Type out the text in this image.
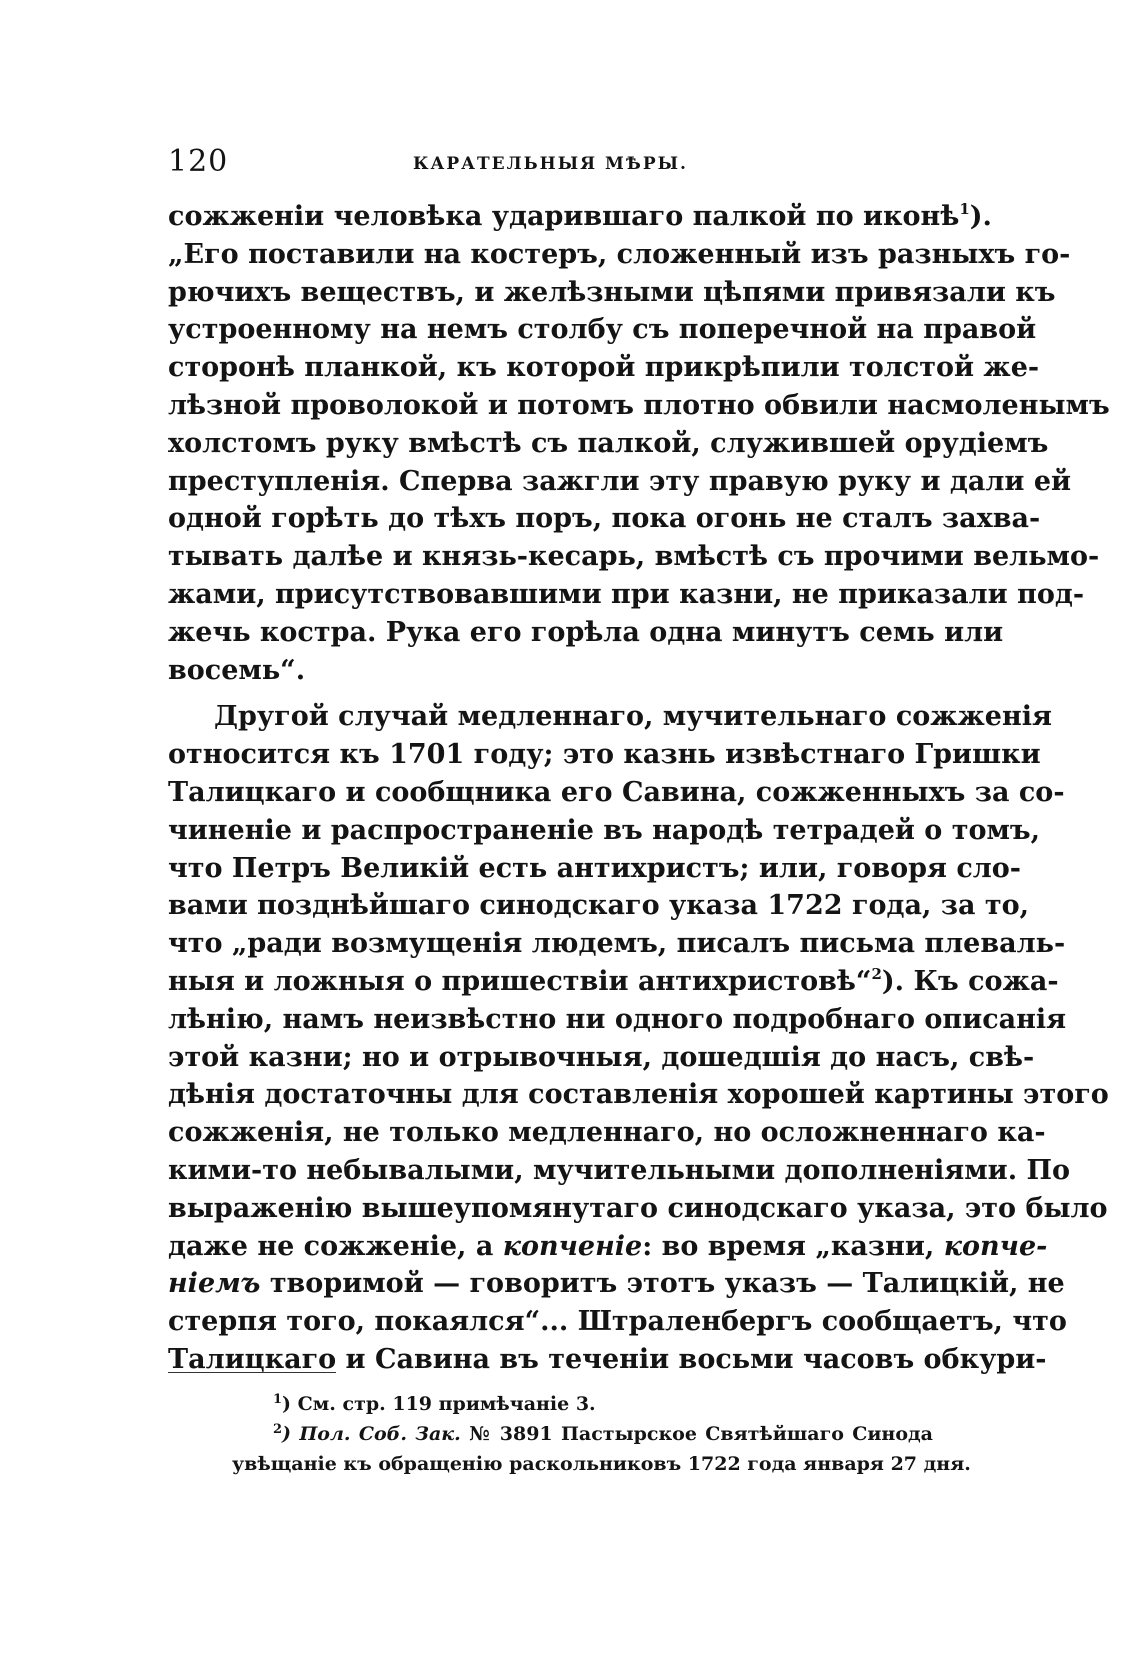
120	КАРАТЕЛЬНЫЯ МѢРЫ.
сожженіи человѣка ударившаго палкой по иконѣ$^1$).
„Его поставили на костеръ, сложенный изъ разныхъ го-
рючихъ веществъ, и желѣзными цѣпями привязали къ
устроенному на немъ столбу съ поперечной на правой
сторонѣ планкой, къ которой прикрѣпили толстой же-
лѣзной проволокой и потомъ плотно обвили насмоленымъ
холстомъ руку вмѣстѣ съ палкой, служившей орудіемъ
преступленія. Сперва зажгли эту правую руку и дали ей
одной горѣть до тѣхъ поръ, пока огонь не сталъ захва-
тывать далѣе и князь-кесарь, вмѣстѣ съ прочими вельмо-
жами, присутствовавшими при казни, не приказали под-
жечь костра. Рука его горѣла одна минутъ семь или
восемь“.
Другой случай медленнаго, мучительнаго сожженія
относится къ 1701 году; это казнь извѣстнаго Гришки
Талицкаго и сообщника его Савина, сожженныхъ за со-
чиненіе и распространеніе въ народѣ тетрадей о томъ,
что Петръ Великій есть антихристъ; или, говоря сло-
вами позднѣйшаго синодскаго указа 1722 года, за то,
что „ради возмущенія людемъ, писалъ письма плеваль-
ныя и ложныя о пришествіи антихристовѣ“$^2$). Къ сожа-
лѣнію, намъ неизвѣстно ни одного подробнаго описанія
этой казни; но и отрывочныя, дошедшія до насъ, свѣ-
дѣнія достаточны для составленія хорошей картины этого
сожженія, не только медленнаго, но осложненнаго ка-
кими-то небывалыми, мучительными дополненіями. По
выраженію вышеупомянутаго синодскаго указа, это было
даже не сожженіе, а копченіе: во время „казни, копче-
ніемъ творимой — говоритъ этотъ указъ — Талицкій, не
стерпя того, покаялся“... Штраленбергъ сообщаетъ, что
Талицкаго и Савина въ теченіи восьми часовъ обкури-
$^1$) См. стр. 119 примѣчаніе 3.
$^2$) Пол. Соб. Зак. № 3891 Пастырское Святѣйшаго Синода
увѣщаніе къ обращенію раскольниковъ 1722 года января 27 дня.
